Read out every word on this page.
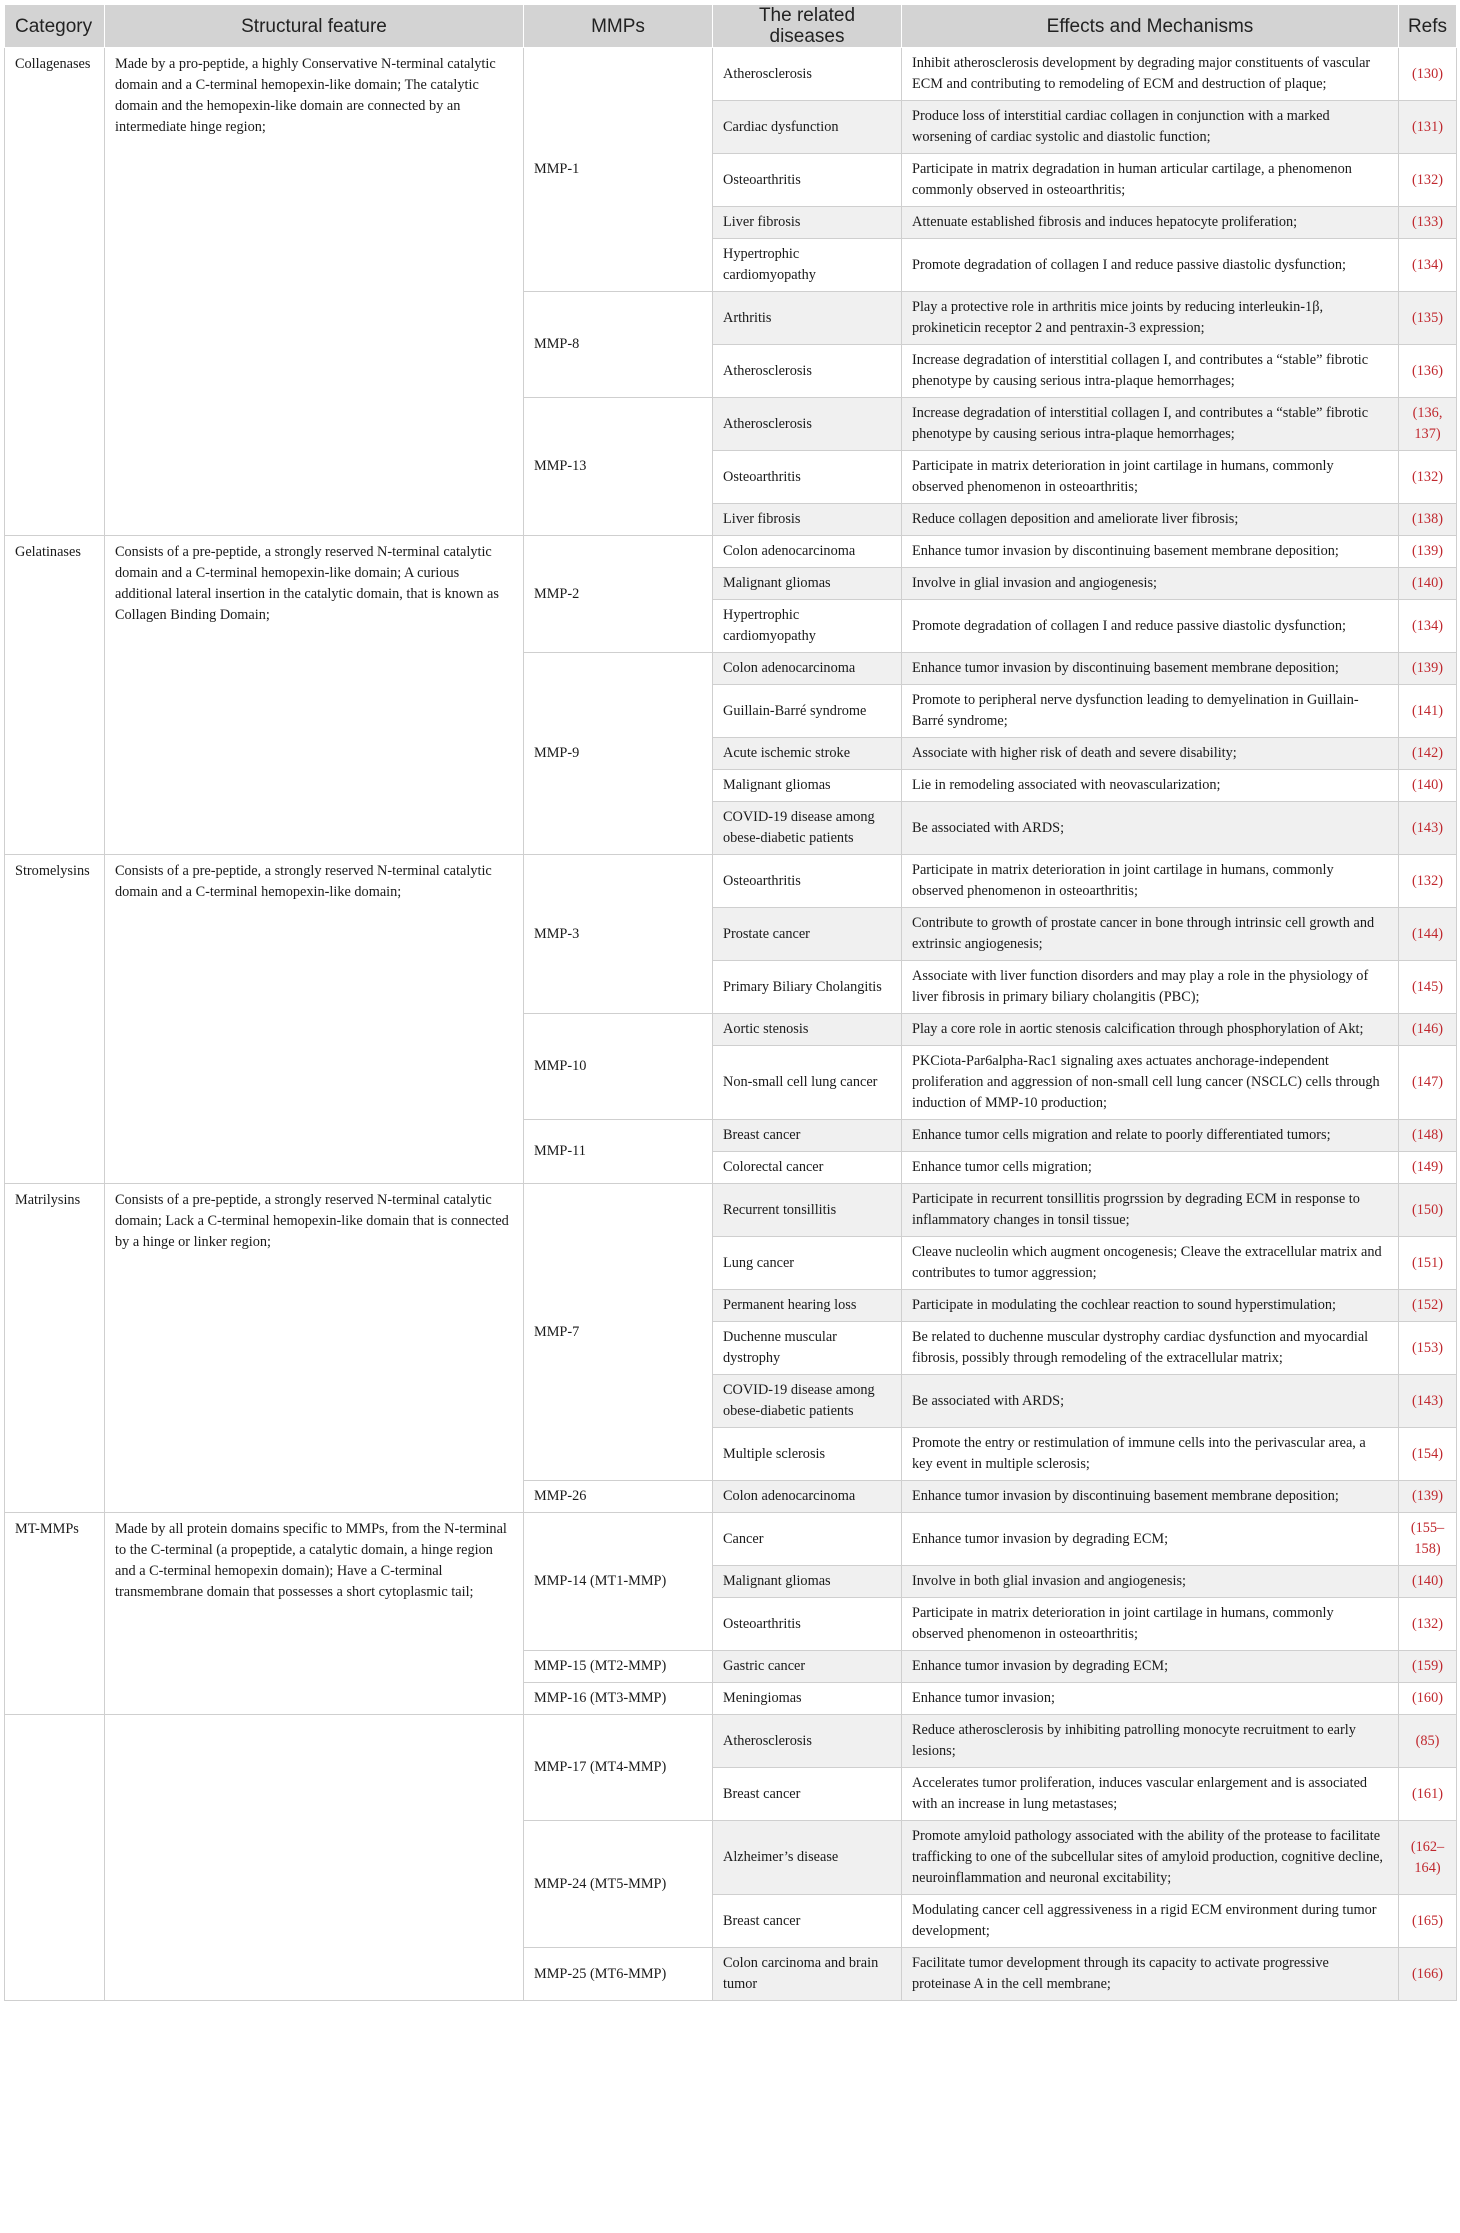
Category	Structural feature	MMPs	The related diseases	Effects and Mechanisms	Refs
Collagenases	Made by a pro-peptide, a highly Conservative N-terminal catalytic domain and a C-terminal hemopexin-like domain; The catalytic domain and the hemopexin-like domain are connected by an intermediate hinge region;	MMP-1	Atherosclerosis	Inhibit atherosclerosis development by degrading major constituents of vascular ECM and contributing to remodeling of ECM and destruction of plaque;	(130)
			Cardiac dysfunction	Produce loss of interstitial cardiac collagen in conjunction with a marked worsening of cardiac systolic and diastolic function;	(131)
			Osteoarthritis	Participate in matrix degradation in human articular cartilage, a phenomenon commonly observed in osteoarthritis;	(132)
			Liver fibrosis	Attenuate established fibrosis and induces hepatocyte proliferation;	(133)
			Hypertrophic cardiomyopathy	Promote degradation of collagen I and reduce passive diastolic dysfunction;	(134)
		MMP-8	Arthritis	Play a protective role in arthritis mice joints by reducing interleukin-1β, prokineticin receptor 2 and pentraxin-3 expression;	(135)
			Atherosclerosis	Increase degradation of interstitial collagen I, and contributes a “stable” fibrotic phenotype by causing serious intra-plaque hemorrhages;	(136)
		MMP-13	Atherosclerosis	Increase degradation of interstitial collagen I, and contributes a “stable” fibrotic phenotype by causing serious intra-plaque hemorrhages;	(136, 137)
			Osteoarthritis	Participate in matrix deterioration in joint cartilage in humans, commonly observed phenomenon in osteoarthritis;	(132)
			Liver fibrosis	Reduce collagen deposition and ameliorate liver fibrosis;	(138)
Gelatinases	Consists of a pre-peptide, a strongly reserved N-terminal catalytic domain and a C-terminal hemopexin-like domain; A curious additional lateral insertion in the catalytic domain, that is known as Collagen Binding Domain;	MMP-2	Colon adenocarcinoma	Enhance tumor invasion by discontinuing basement membrane deposition;	(139)
			Malignant gliomas	Involve in glial invasion and angiogenesis;	(140)
			Hypertrophic cardiomyopathy	Promote degradation of collagen I and reduce passive diastolic dysfunction;	(134)
		MMP-9	Colon adenocarcinoma	Enhance tumor invasion by discontinuing basement membrane deposition;	(139)
			Guillain-Barré syndrome	Promote to peripheral nerve dysfunction leading to demyelination in Guillain-Barré syndrome;	(141)
			Acute ischemic stroke	Associate with higher risk of death and severe disability;	(142)
			Malignant gliomas	Lie in remodeling associated with neovascularization;	(140)
			COVID-19 disease among obese-diabetic patients	Be associated with ARDS;	(143)
Stromelysins	Consists of a pre-peptide, a strongly reserved N-terminal catalytic domain and a C-terminal hemopexin-like domain;	MMP-3	Osteoarthritis	Participate in matrix deterioration in joint cartilage in humans, commonly observed phenomenon in osteoarthritis;	(132)
			Prostate cancer	Contribute to growth of prostate cancer in bone through intrinsic cell growth and extrinsic angiogenesis;	(144)
			Primary Biliary Cholangitis	Associate with liver function disorders and may play a role in the physiology of liver fibrosis in primary biliary cholangitis (PBC);	(145)
		MMP-10	Aortic stenosis	Play a core role in aortic stenosis calcification through phosphorylation of Akt;	(146)
			Non-small cell lung cancer	PKCiota-Par6alpha-Rac1 signaling axes actuates anchorage-independent proliferation and aggression of non-small cell lung cancer (NSCLC) cells through induction of MMP-10 production;	(147)
		MMP-11	Breast cancer	Enhance tumor cells migration and relate to poorly differentiated tumors;	(148)
			Colorectal cancer	Enhance tumor cells migration;	(149)
Matrilysins	Consists of a pre-peptide, a strongly reserved N-terminal catalytic domain; Lack a C-terminal hemopexin-like domain that is connected by a hinge or linker region;	MMP-7	Recurrent tonsillitis	Participate in recurrent tonsillitis progrssion by degrading ECM in response to inflammatory changes in tonsil tissue;	(150)
			Lung cancer	Cleave nucleolin which augment oncogenesis; Cleave the extracellular matrix and contributes to tumor aggression;	(151)
			Permanent hearing loss	Participate in modulating the cochlear reaction to sound hyperstimulation;	(152)
			Duchenne muscular dystrophy	Be related to duchenne muscular dystrophy cardiac dysfunction and myocardial fibrosis, possibly through remodeling of the extracellular matrix;	(153)
			COVID-19 disease among obese-diabetic patients	Be associated with ARDS;	(143)
			Multiple sclerosis	Promote the entry or restimulation of immune cells into the perivascular area, a key event in multiple sclerosis;	(154)
		MMP-26	Colon adenocarcinoma	Enhance tumor invasion by discontinuing basement membrane deposition;	(139)
MT-MMPs	Made by all protein domains specific to MMPs, from the N-terminal to the C-terminal (a propeptide, a catalytic domain, a hinge region and a C-terminal hemopexin domain); Have a C-terminal transmembrane domain that possesses a short cytoplasmic tail;	MMP-14 (MT1-MMP)	Cancer	Enhance tumor invasion by degrading ECM;	(155–158)
			Malignant gliomas	Involve in both glial invasion and angiogenesis;	(140)
			Osteoarthritis	Participate in matrix deterioration in joint cartilage in humans, commonly observed phenomenon in osteoarthritis;	(132)
		MMP-15 (MT2-MMP)	Gastric cancer	Enhance tumor invasion by degrading ECM;	(159)
		MMP-16 (MT3-MMP)	Meningiomas	Enhance tumor invasion;	(160)
		MMP-17 (MT4-MMP)	Atherosclerosis	Reduce atherosclerosis by inhibiting patrolling monocyte recruitment to early lesions;	(85)
			Breast cancer	Accelerates tumor proliferation, induces vascular enlargement and is associated with an increase in lung metastases;	(161)
		MMP-24 (MT5-MMP)	Alzheimer’s disease	Promote amyloid pathology associated with the ability of the protease to facilitate trafficking to one of the subcellular sites of amyloid production, cognitive decline, neuroinflammation and neuronal excitability;	(162–164)
			Breast cancer	Modulating cancer cell aggressiveness in a rigid ECM environment during tumor development;	(165)
		MMP-25 (MT6-MMP)	Colon carcinoma and brain tumor	Facilitate tumor development through its capacity to activate progressive proteinase A in the cell membrane;	(166)
